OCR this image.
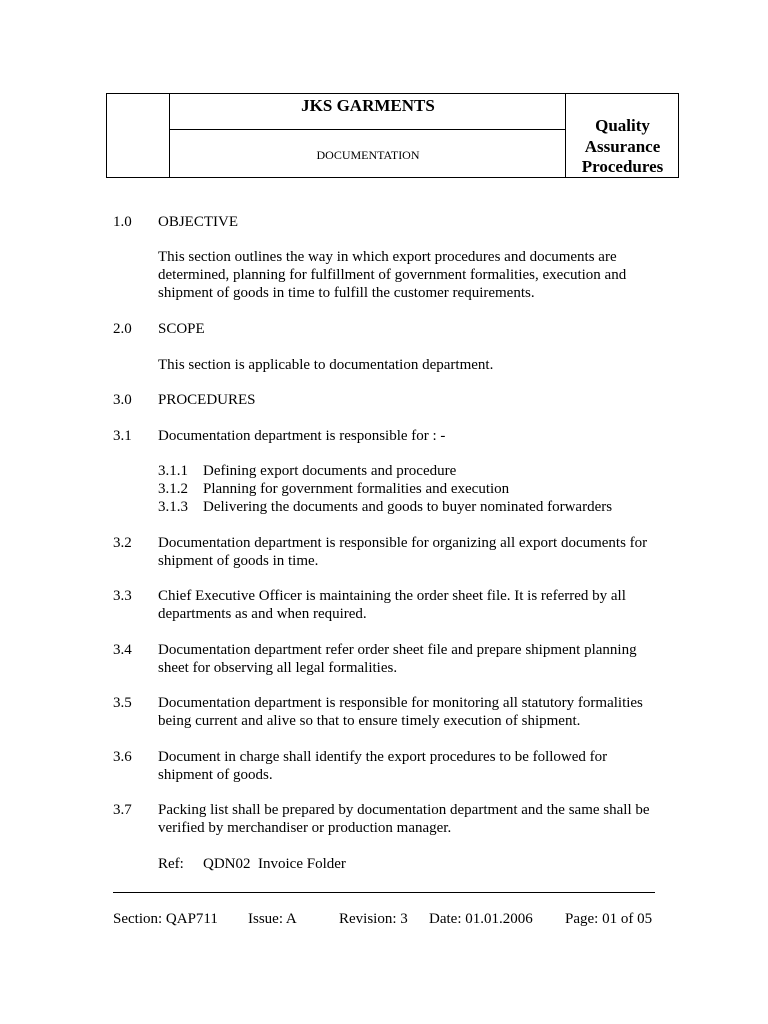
JKS GARMENTS
DOCUMENTATION
Quality
Assurance
Procedures
1.0 OBJECTIVE
This section outlines the way in which export procedures and documents are
determined, planning for fulfillment of government formalities, execution and
shipment of goods in time to fulfill the customer requirements.
2.0 SCOPE
This section is applicable to documentation department.
3.0 PROCEDURES
3.1 Documentation department is responsible for : -
3.1.1 Defining export documents and procedure
3.1.2 Planning for government formalities and execution
3.1.3 Delivering the documents and goods to buyer nominated forwarders
3.2 Documentation department is responsible for organizing all export documents for
shipment of goods in time.
3.3 Chief Executive Officer is maintaining the order sheet file. It is referred by all
departments as and when required.
3.4 Documentation department refer order sheet file and prepare shipment planning
sheet for observing all legal formalities.
3.5 Documentation department is responsible for monitoring all statutory formalities
being current and alive so that to ensure timely execution of shipment.
3.6 Document in charge shall identify the export procedures to be followed for
shipment of goods.
3.7 Packing list shall be prepared by documentation department and the same shall be
verified by merchandiser or production manager.
Ref: QDN02  Invoice Folder
Section: QAP711 Issue: A	Revision: 3 Date: 01.01.2006 Page: 01 of 05
